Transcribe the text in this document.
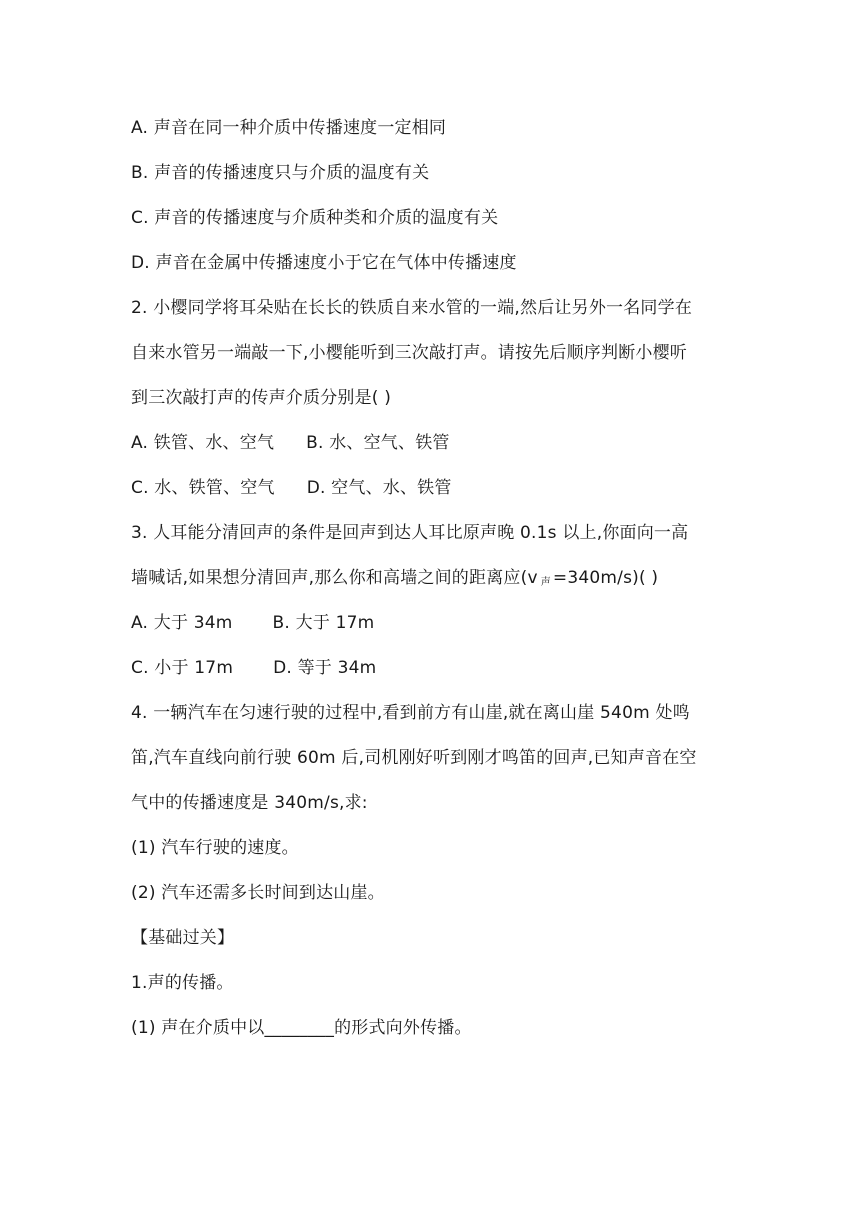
A. 声音在同一种介质中传播速度一定相同
B. 声音的传播速度只与介质的温度有关
C. 声音的传播速度与介质种类和介质的温度有关
D. 声音在金属中传播速度小于它在气体中传播速度
2. 小樱同学将耳朵贴在长长的铁质自来水管的一端,然后让另外一名同学在
自来水管另一端敲一下,小樱能听到三次敲打声。请按先后顺序判断小樱听
到三次敲打声的传声介质分别是( )
A. 铁管、水、空气 B. 水、空气、铁管
C. 水、铁管、空气 D. 空气、水、铁管
3. 人耳能分清回声的条件是回声到达人耳比原声晚 0.1s 以上,你面向一高
墙喊话,如果想分清回声,那么你和高墙之间的距离应(v $_声$ =340m/s)( )
A. 大于 34m B. 大于 17m
C. 小于 17m D. 等于 34m
4. 一辆汽车在匀速行驶的过程中,看到前方有山崖,就在离山崖 540m 处鸣
笛,汽车直线向前行驶 60m 后,司机刚好听到刚才鸣笛的回声,已知声音在空
气中的传播速度是 340m/s,求:
(1) 汽车行驶的速度。
(2) 汽车还需多长时间到达山崖。
【基础过关】
1.声的传播。
(1) 声在介质中以________的形式向外传播。
